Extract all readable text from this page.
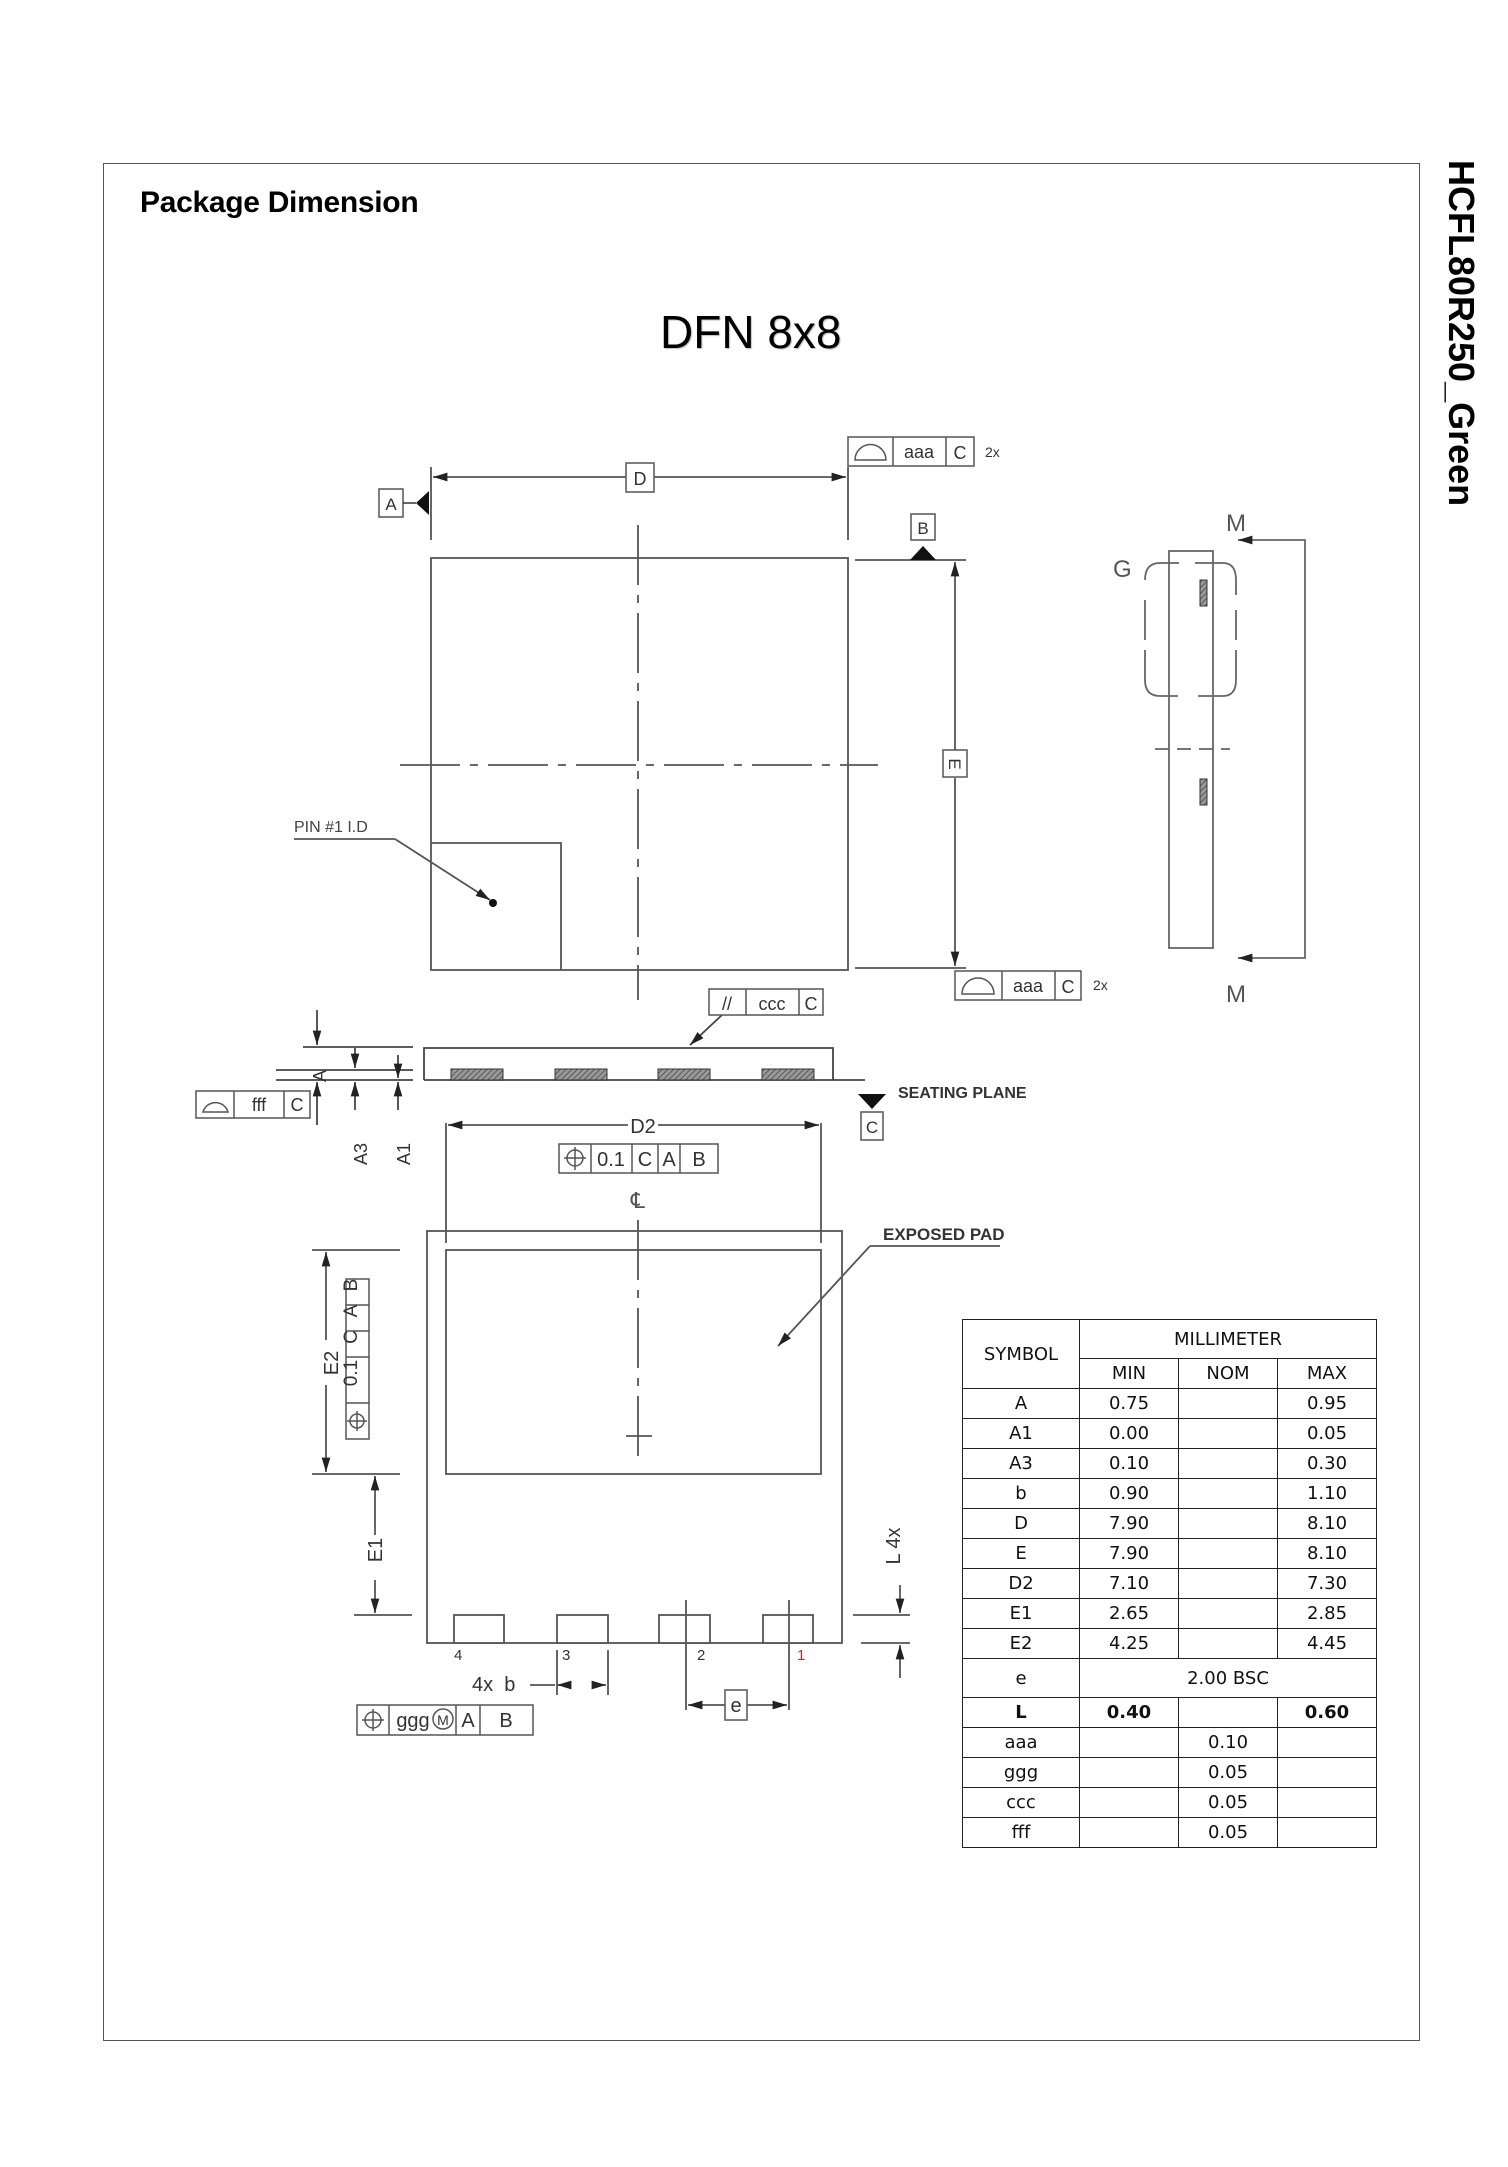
Package Dimension	HCFL80R250_Green
DFN 8x8
A
D
B
E
aaa C 2x
aaa C 2x
PIN #1 I.D
G
M
M
A
A3 A1
// ccc C
fff C
C
SEATING PLANE
D2
0.1 C A B
℄
EXPOSED PAD
E2
0.1
C
A
B
E1	L 4x
4	3	2	1
4x  b
e
ggg M A B
SYMBOL	MILLIMETER		
	MIN	NOM	MAX
A	0.75		0.95
A1	0.00		0.05
A3	0.10		0.30
b	0.90		1.10
D	7.90		8.10
E	7.90		8.10
D2	7.10		7.30
E1	2.65		2.85
E2	4.25		4.45
e	2.00 BSC		
L	0.40		0.60
aaa		0.10	
ggg		0.05	
ccc		0.05	
fff		0.05	
